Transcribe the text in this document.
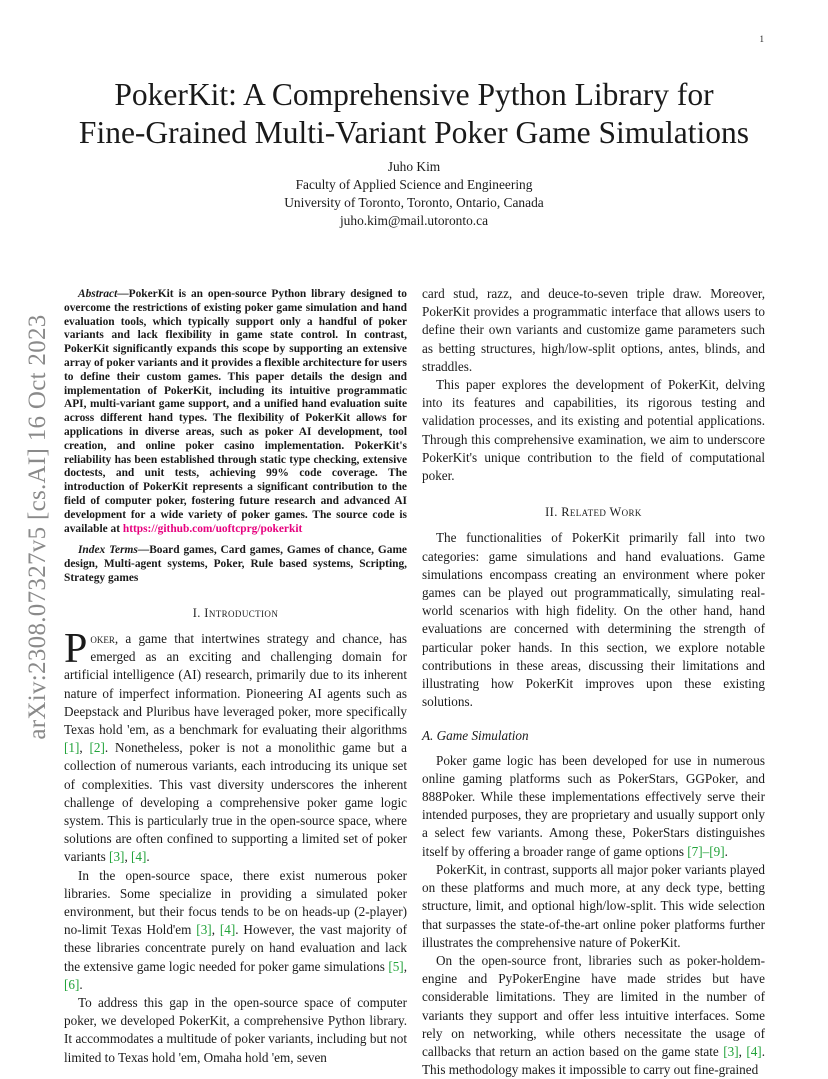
1
arXiv:2308.07327v5 [cs.AI] 16 Oct 2023
PokerKit: A Comprehensive Python Library for
Fine-Grained Multi-Variant Poker Game Simulations
Juho Kim
Faculty of Applied Science and Engineering
University of Toronto, Toronto, Ontario, Canada
juho.kim@mail.utoronto.ca

Abstract—PokerKit is an open-source Python library designed to overcome the restrictions of existing poker game simulation and hand evaluation tools, which typically support only a handful of poker variants and lack flexibility in game state control. In contrast, PokerKit significantly expands this scope by supporting an extensive array of poker variants and it provides a flexible architecture for users to define their custom games. This paper details the design and implementation of PokerKit, including its intuitive programmatic API, multi-variant game support, and a unified hand evaluation suite across different hand types. The flexibility of PokerKit allows for applications in diverse areas, such as poker AI development, tool creation, and online poker casino implementation. PokerKit's reliability has been established through static type checking, extensive doctests, and unit tests, achieving 99% code coverage. The introduction of PokerKit represents a significant contribution to the field of computer poker, fostering future research and advanced AI development for a wide variety of poker games. The source code is available at https://github.com/uoftcprg/pokerkit

Index Terms—Board games, Card games, Games of chance, Game design, Multi-agent systems, Poker, Rule based systems, Scripting, Strategy games

I. Introduction

Poker, a game that intertwines strategy and chance, has emerged as an exciting and challenging domain for artificial intelligence (AI) research, primarily due to its inherent nature of imperfect information. Pioneering AI agents such as Deepstack and Pluribus have leveraged poker, more specifically Texas hold 'em, as a benchmark for evaluating their algorithms [1], [2]. Nonetheless, poker is not a monolithic game but a collection of numerous variants, each introducing its unique set of complexities. This vast diversity underscores the inherent challenge of developing a comprehensive poker game logic system. This is particularly true in the open-source space, where solutions are often confined to supporting a limited set of poker variants [3], [4].

In the open-source space, there exist numerous poker libraries. Some specialize in providing a simulated poker environment, but their focus tends to be on heads-up (2-player) no-limit Texas Hold'em [3], [4]. However, the vast majority of these libraries concentrate purely on hand evaluation and lack the extensive game logic needed for poker game simulations [5], [6].

To address this gap in the open-source space of computer poker, we developed PokerKit, a comprehensive Python library. It accommodates a multitude of poker variants, including but not limited to Texas hold 'em, Omaha hold 'em, seven

card stud, razz, and deuce-to-seven triple draw. Moreover, PokerKit provides a programmatic interface that allows users to define their own variants and customize game parameters such as betting structures, high/low-split options, antes, blinds, and straddles.

This paper explores the development of PokerKit, delving into its features and capabilities, its rigorous testing and validation processes, and its existing and potential applications. Through this comprehensive examination, we aim to underscore PokerKit's unique contribution to the field of computational poker.

II. Related Work

The functionalities of PokerKit primarily fall into two categories: game simulations and hand evaluations. Game simulations encompass creating an environment where poker games can be played out programmatically, simulating real-world scenarios with high fidelity. On the other hand, hand evaluations are concerned with determining the strength of particular poker hands. In this section, we explore notable contributions in these areas, discussing their limitations and illustrating how PokerKit improves upon these existing solutions.

A. Game Simulation

Poker game logic has been developed for use in numerous online gaming platforms such as PokerStars, GGPoker, and 888Poker. While these implementations effectively serve their intended purposes, they are proprietary and usually support only a select few variants. Among these, PokerStars distinguishes itself by offering a broader range of game options [7]–[9].

PokerKit, in contrast, supports all major poker variants played on these platforms and much more, at any deck type, betting structure, limit, and optional high/low-split. This wide selection that surpasses the state-of-the-art online poker platforms further illustrates the comprehensive nature of PokerKit.

On the open-source front, libraries such as poker-holdem-engine and PyPokerEngine have made strides but have considerable limitations. They are limited in the number of variants they support and offer less intuitive interfaces. Some rely on networking, while others necessitate the usage of callbacks that return an action based on the game state [3], [4]. This methodology makes it impossible to carry out fine-grained
